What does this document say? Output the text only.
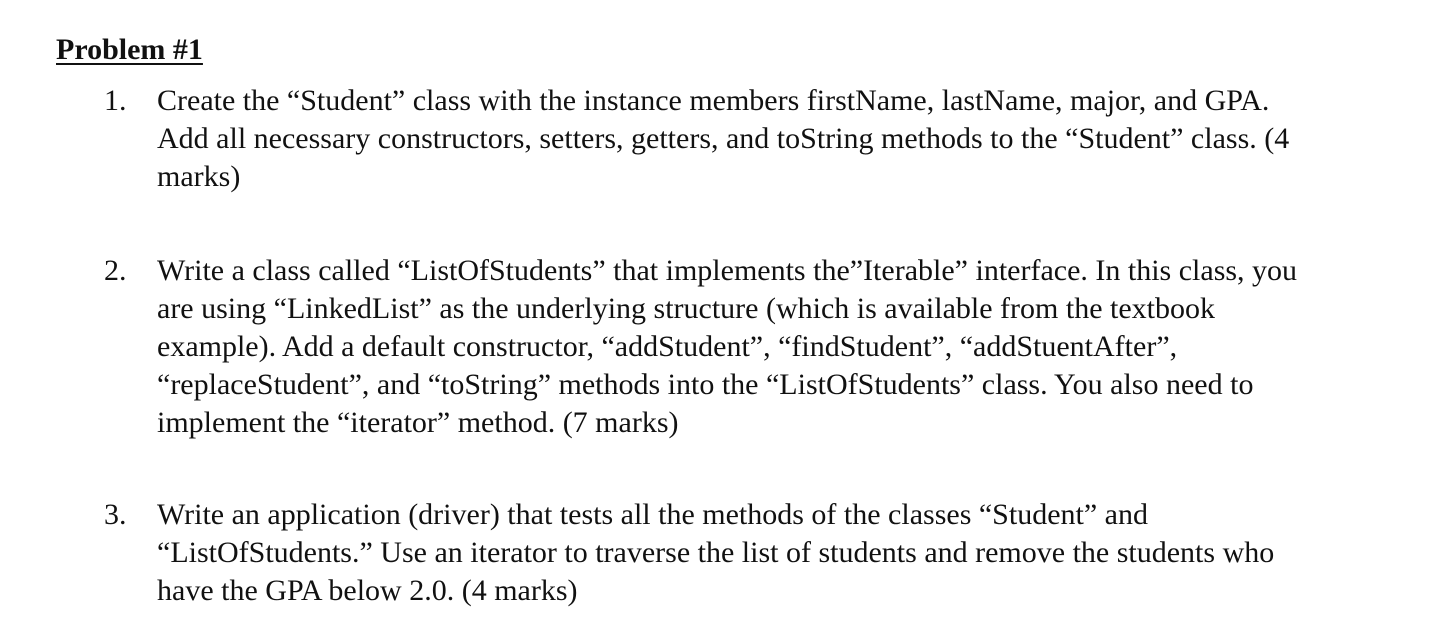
Problem #1
1. Create the “Student” class with the instance members firstName, lastName, major, and GPA.
Add all necessary constructors, setters, getters, and toString methods to the “Student” class. (4
marks)
2. Write a class called “ListOfStudents” that implements the”Iterable” interface. In this class, you
are using “LinkedList” as the underlying structure (which is available from the textbook
example). Add a default constructor, “addStudent”, “findStudent”, “addStuentAfter”,
“replaceStudent”, and “toString” methods into the “ListOfStudents” class. You also need to
implement the “iterator” method. (7 marks)
3. Write an application (driver) that tests all the methods of the classes “Student” and
“ListOfStudents.” Use an iterator to traverse the list of students and remove the students who
have the GPA below 2.0. (4 marks)
